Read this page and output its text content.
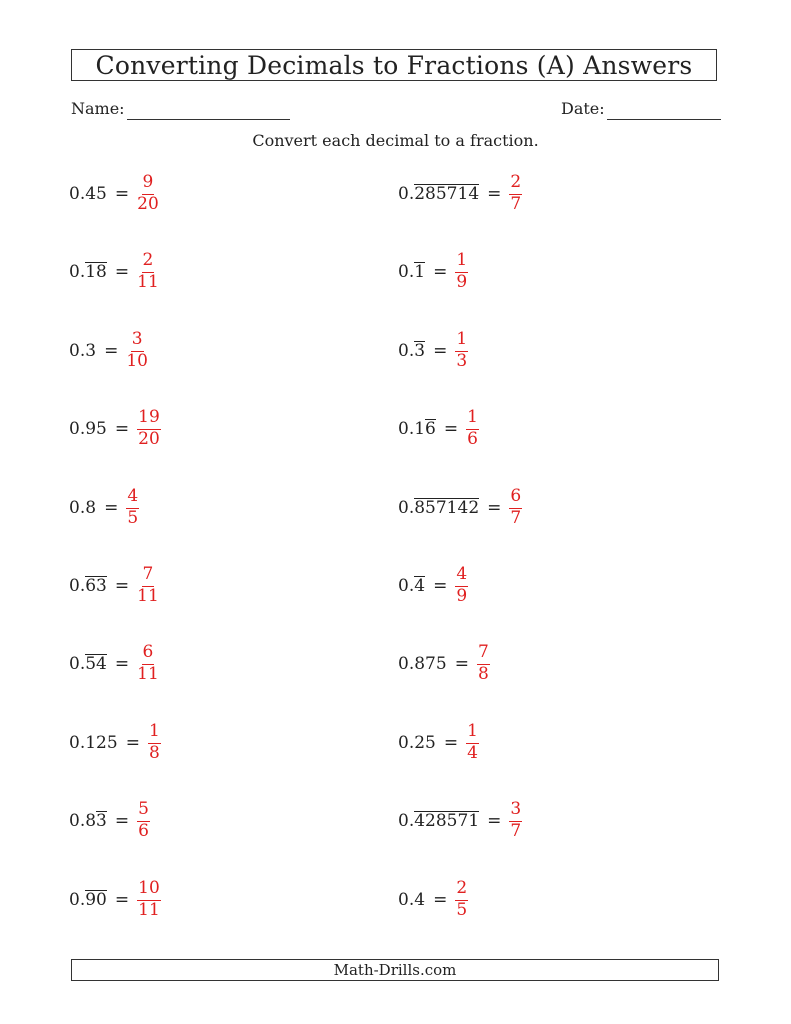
Converting Decimals to Fractions (A) Answers
Name:	Date:
Convert each decimal to a fraction.
0. $45 = \frac{9}{20}$
0. $18 = \frac{2}{11}$
0. $3 = \frac{3}{10}$
0. $95 = \frac{19}{20}$
0. $8 = \frac{4}{5}$
0. $63 = \frac{7}{11}$
0. $54 = \frac{6}{11}$
0. $125 = \frac{1}{8}$
0.8 $3 = \frac{5}{6}$
0. $90 = \frac{10}{11}$
0. $285714 = \frac{2}{7}$
0. $1 = \frac{1}{9}$
0. $3 = \frac{1}{3}$
0.1 $6 = \frac{1}{6}$
0. $857142 = \frac{6}{7}$
0. $4 = \frac{4}{9}$
0. $875 = \frac{7}{8}$
0. $25 = \frac{1}{4}$
0. $428571 = \frac{3}{7}$
0. $4 = \frac{2}{5}$
Math-Drills.com
